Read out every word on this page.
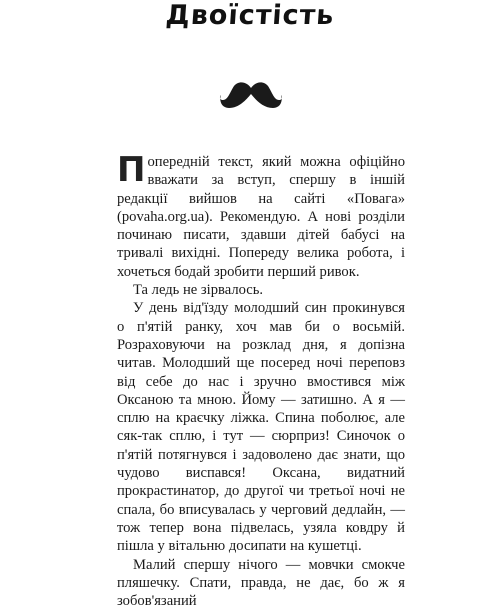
Двоїстість

Попередній текст, який можна офіційно вважати за вступ, спершу в іншій редакції вийшов на сайті «Повага» (povaha.org.ua). Рекомендую. А нові розділи починаю писати, здавши дітей бабусі на тривалі вихідні. Попереду велика робота, і хочеться бодай зробити перший ривок.

Та ледь не зірвалось.

У день від'їзду молодший син прокинувся о п'ятій ранку, хоч мав би о восьмій. Розраховуючи на розклад дня, я допізна читав. Молодший ще посеред ночі переповз від себе до нас і зручно вмостився між Оксаною та мною. Йому — затишно. А я — сплю на краєчку ліжка. Спина поболює, але сяк-так сплю, і тут — сюрприз! Синочок о п'ятій потягнувся і задоволено дає знати, що чудово виспався! Оксана, видатний прокрастинатор, до другої чи третьої ночі не спала, бо вписувалась у черговий дедлайн, — тож тепер вона підвелась, узяла ковдру й пішла у вітальню досипати на кушетці.

Малий спершу нічого — мовчки смокче пляшечку. Спати, правда, не дає, бо ж я зобов'язаний
